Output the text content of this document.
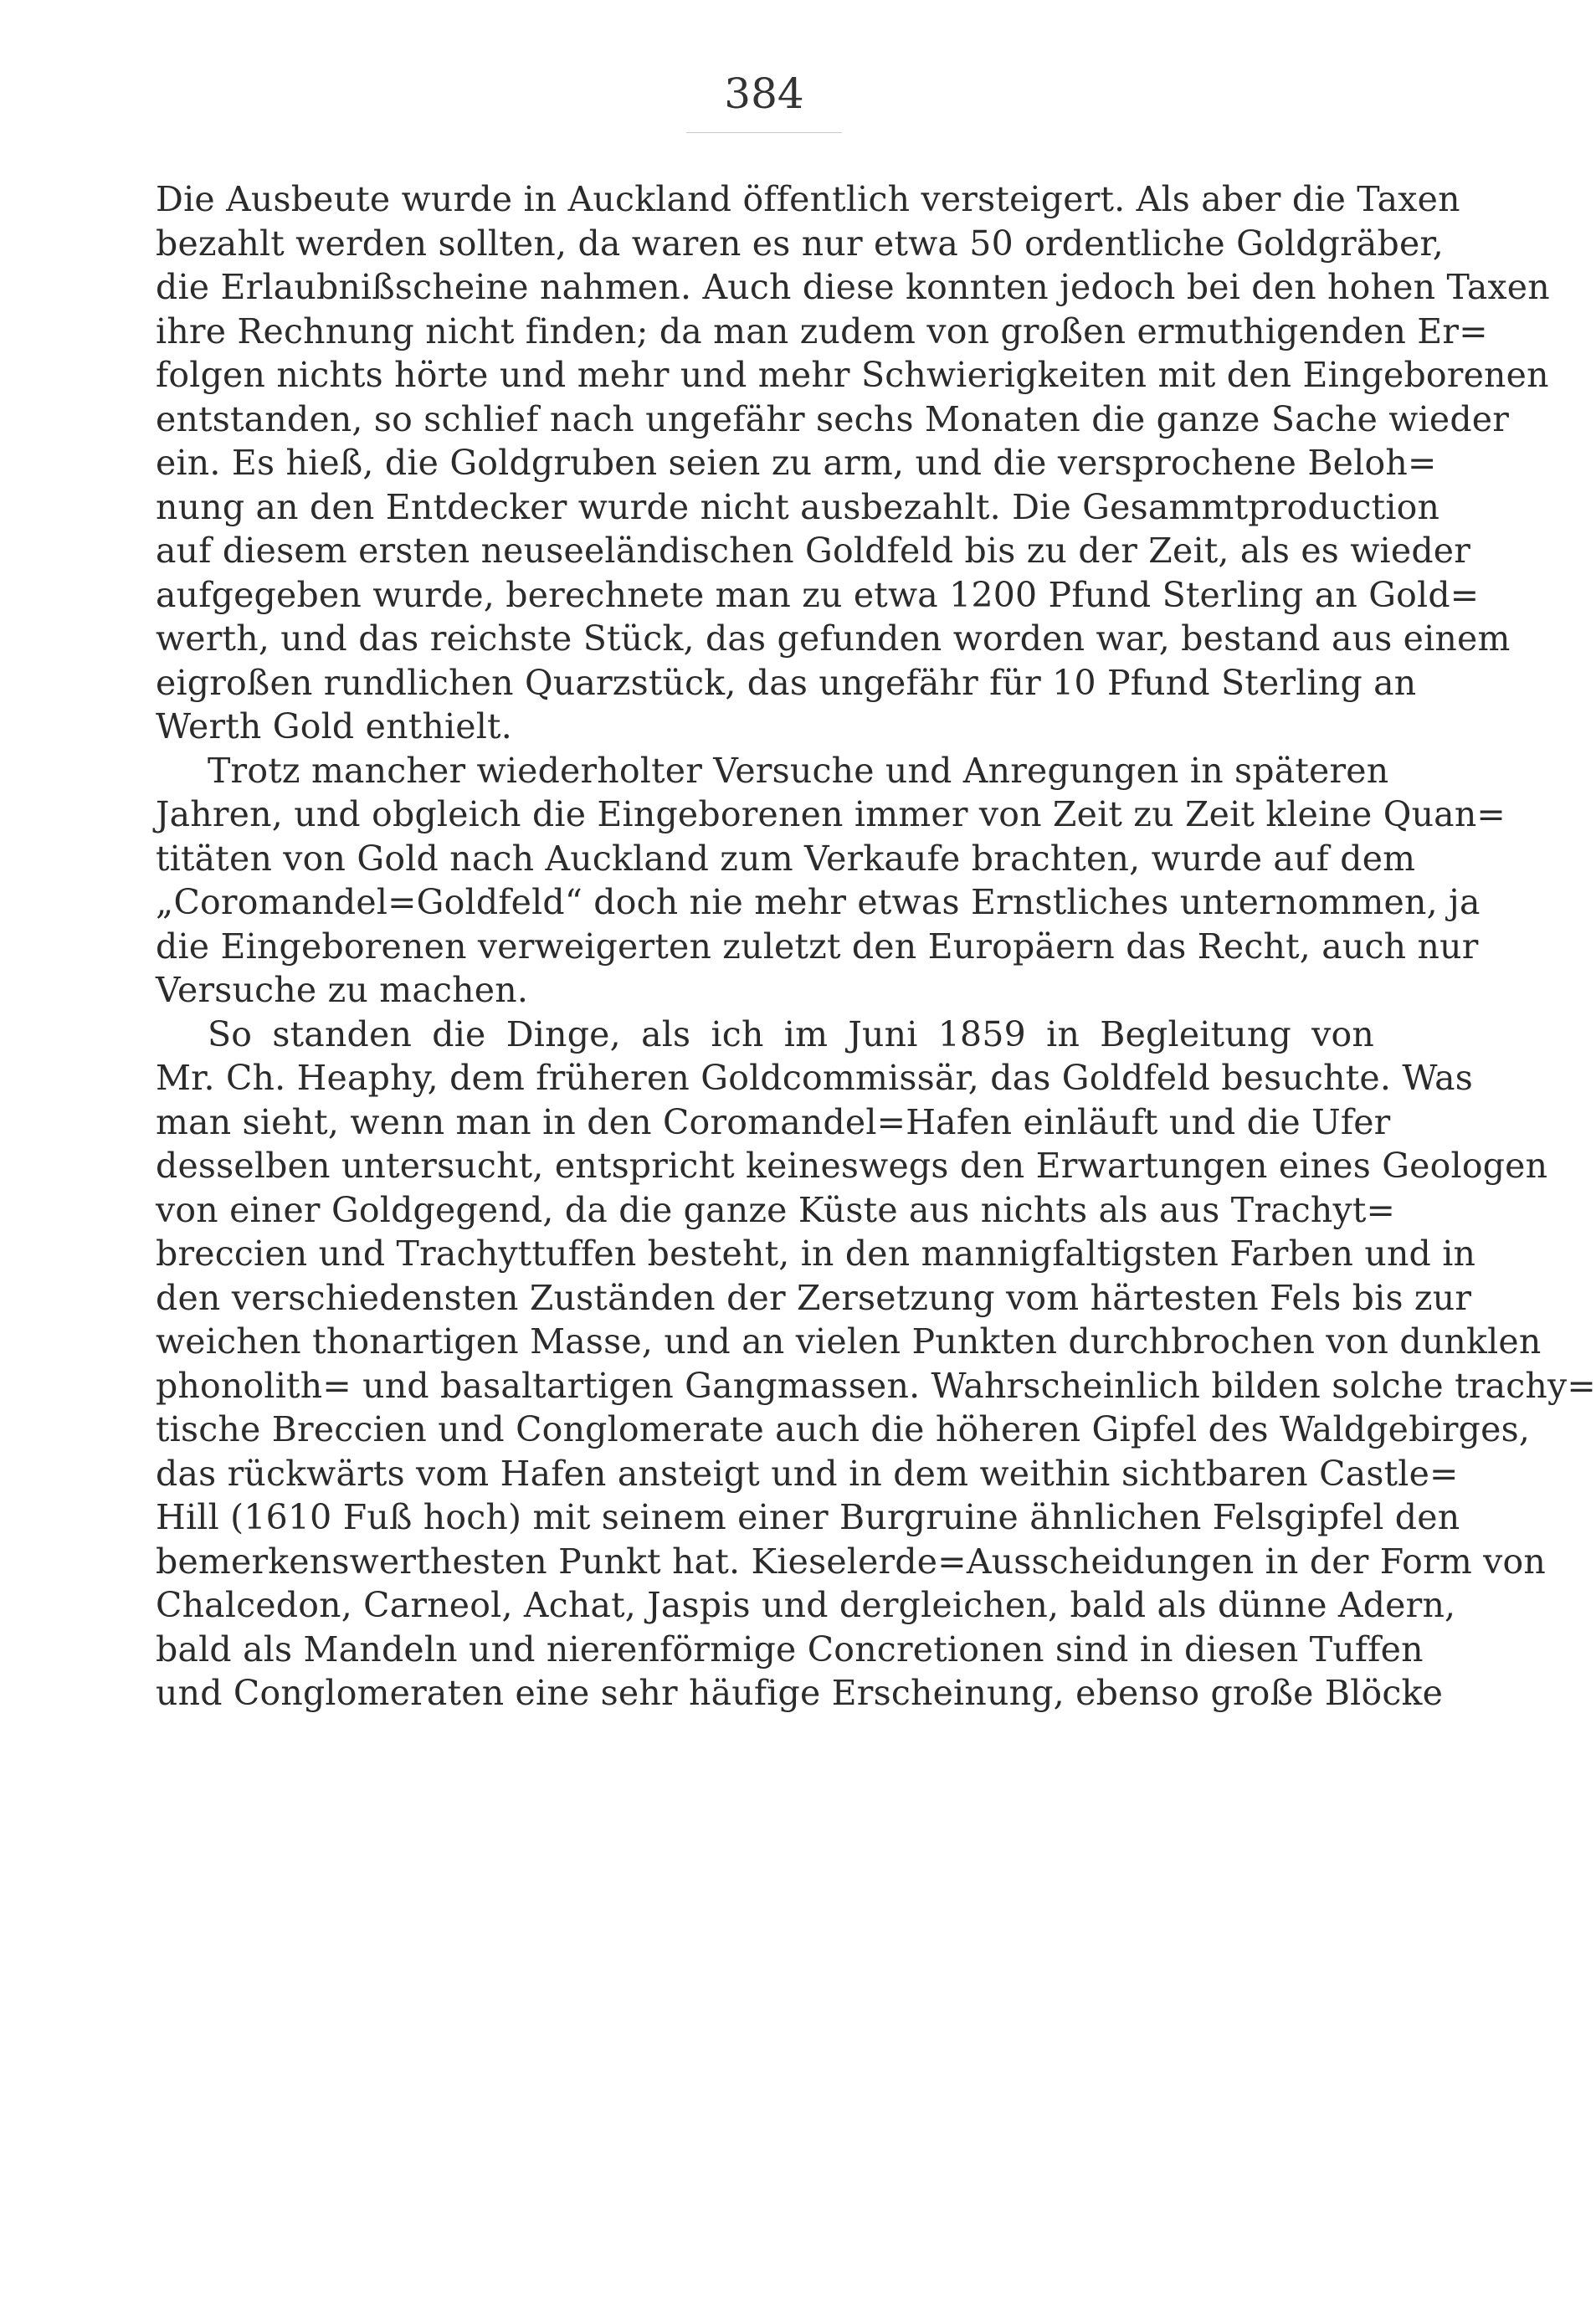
384
Die Ausbeute wurde in Auckland öffentlich versteigert. Als aber die Taxen
bezahlt werden sollten, da waren es nur etwa 50 ordentliche Goldgräber,
die Erlaubnißscheine nahmen. Auch diese konnten jedoch bei den hohen Taxen
ihre Rechnung nicht finden; da man zudem von großen ermuthigenden Er=
folgen nichts hörte und mehr und mehr Schwierigkeiten mit den Eingeborenen
entstanden, so schlief nach ungefähr sechs Monaten die ganze Sache wieder
ein. Es hieß, die Goldgruben seien zu arm, und die versprochene Beloh=
nung an den Entdecker wurde nicht ausbezahlt. Die Gesammtproduction
auf diesem ersten neuseeländischen Goldfeld bis zu der Zeit, als es wieder
aufgegeben wurde, berechnete man zu etwa 1200 Pfund Sterling an Gold=
werth, und das reichste Stück, das gefunden worden war, bestand aus einem
eigroßen rundlichen Quarzstück, das ungefähr für 10 Pfund Sterling an
Werth Gold enthielt.
Trotz mancher wiederholter Versuche und Anregungen in späteren
Jahren, und obgleich die Eingeborenen immer von Zeit zu Zeit kleine Quan=
titäten von Gold nach Auckland zum Verkaufe brachten, wurde auf dem
„Coromandel=Goldfeld“ doch nie mehr etwas Ernstliches unternommen, ja
die Eingeborenen verweigerten zuletzt den Europäern das Recht, auch nur
Versuche zu machen.
So standen die Dinge, als ich im Juni 1859 in Begleitung von
Mr. Ch. Heaphy, dem früheren Goldcommissär, das Goldfeld besuchte. Was
man sieht, wenn man in den Coromandel=Hafen einläuft und die Ufer
desselben untersucht, entspricht keineswegs den Erwartungen eines Geologen
von einer Goldgegend, da die ganze Küste aus nichts als aus Trachyt=
breccien und Trachyttuffen besteht, in den mannigfaltigsten Farben und in
den verschiedensten Zuständen der Zersetzung vom härtesten Fels bis zur
weichen thonartigen Masse, und an vielen Punkten durchbrochen von dunklen
phonolith= und basaltartigen Gangmassen. Wahrscheinlich bilden solche trachy=
tische Breccien und Conglomerate auch die höheren Gipfel des Waldgebirges,
das rückwärts vom Hafen ansteigt und in dem weithin sichtbaren Castle=
Hill (1610 Fuß hoch) mit seinem einer Burgruine ähnlichen Felsgipfel den
bemerkenswerthesten Punkt hat. Kieselerde=Ausscheidungen in der Form von
Chalcedon, Carneol, Achat, Jaspis und dergleichen, bald als dünne Adern,
bald als Mandeln und nierenförmige Concretionen sind in diesen Tuffen
und Conglomeraten eine sehr häufige Erscheinung, ebenso große Blöcke
